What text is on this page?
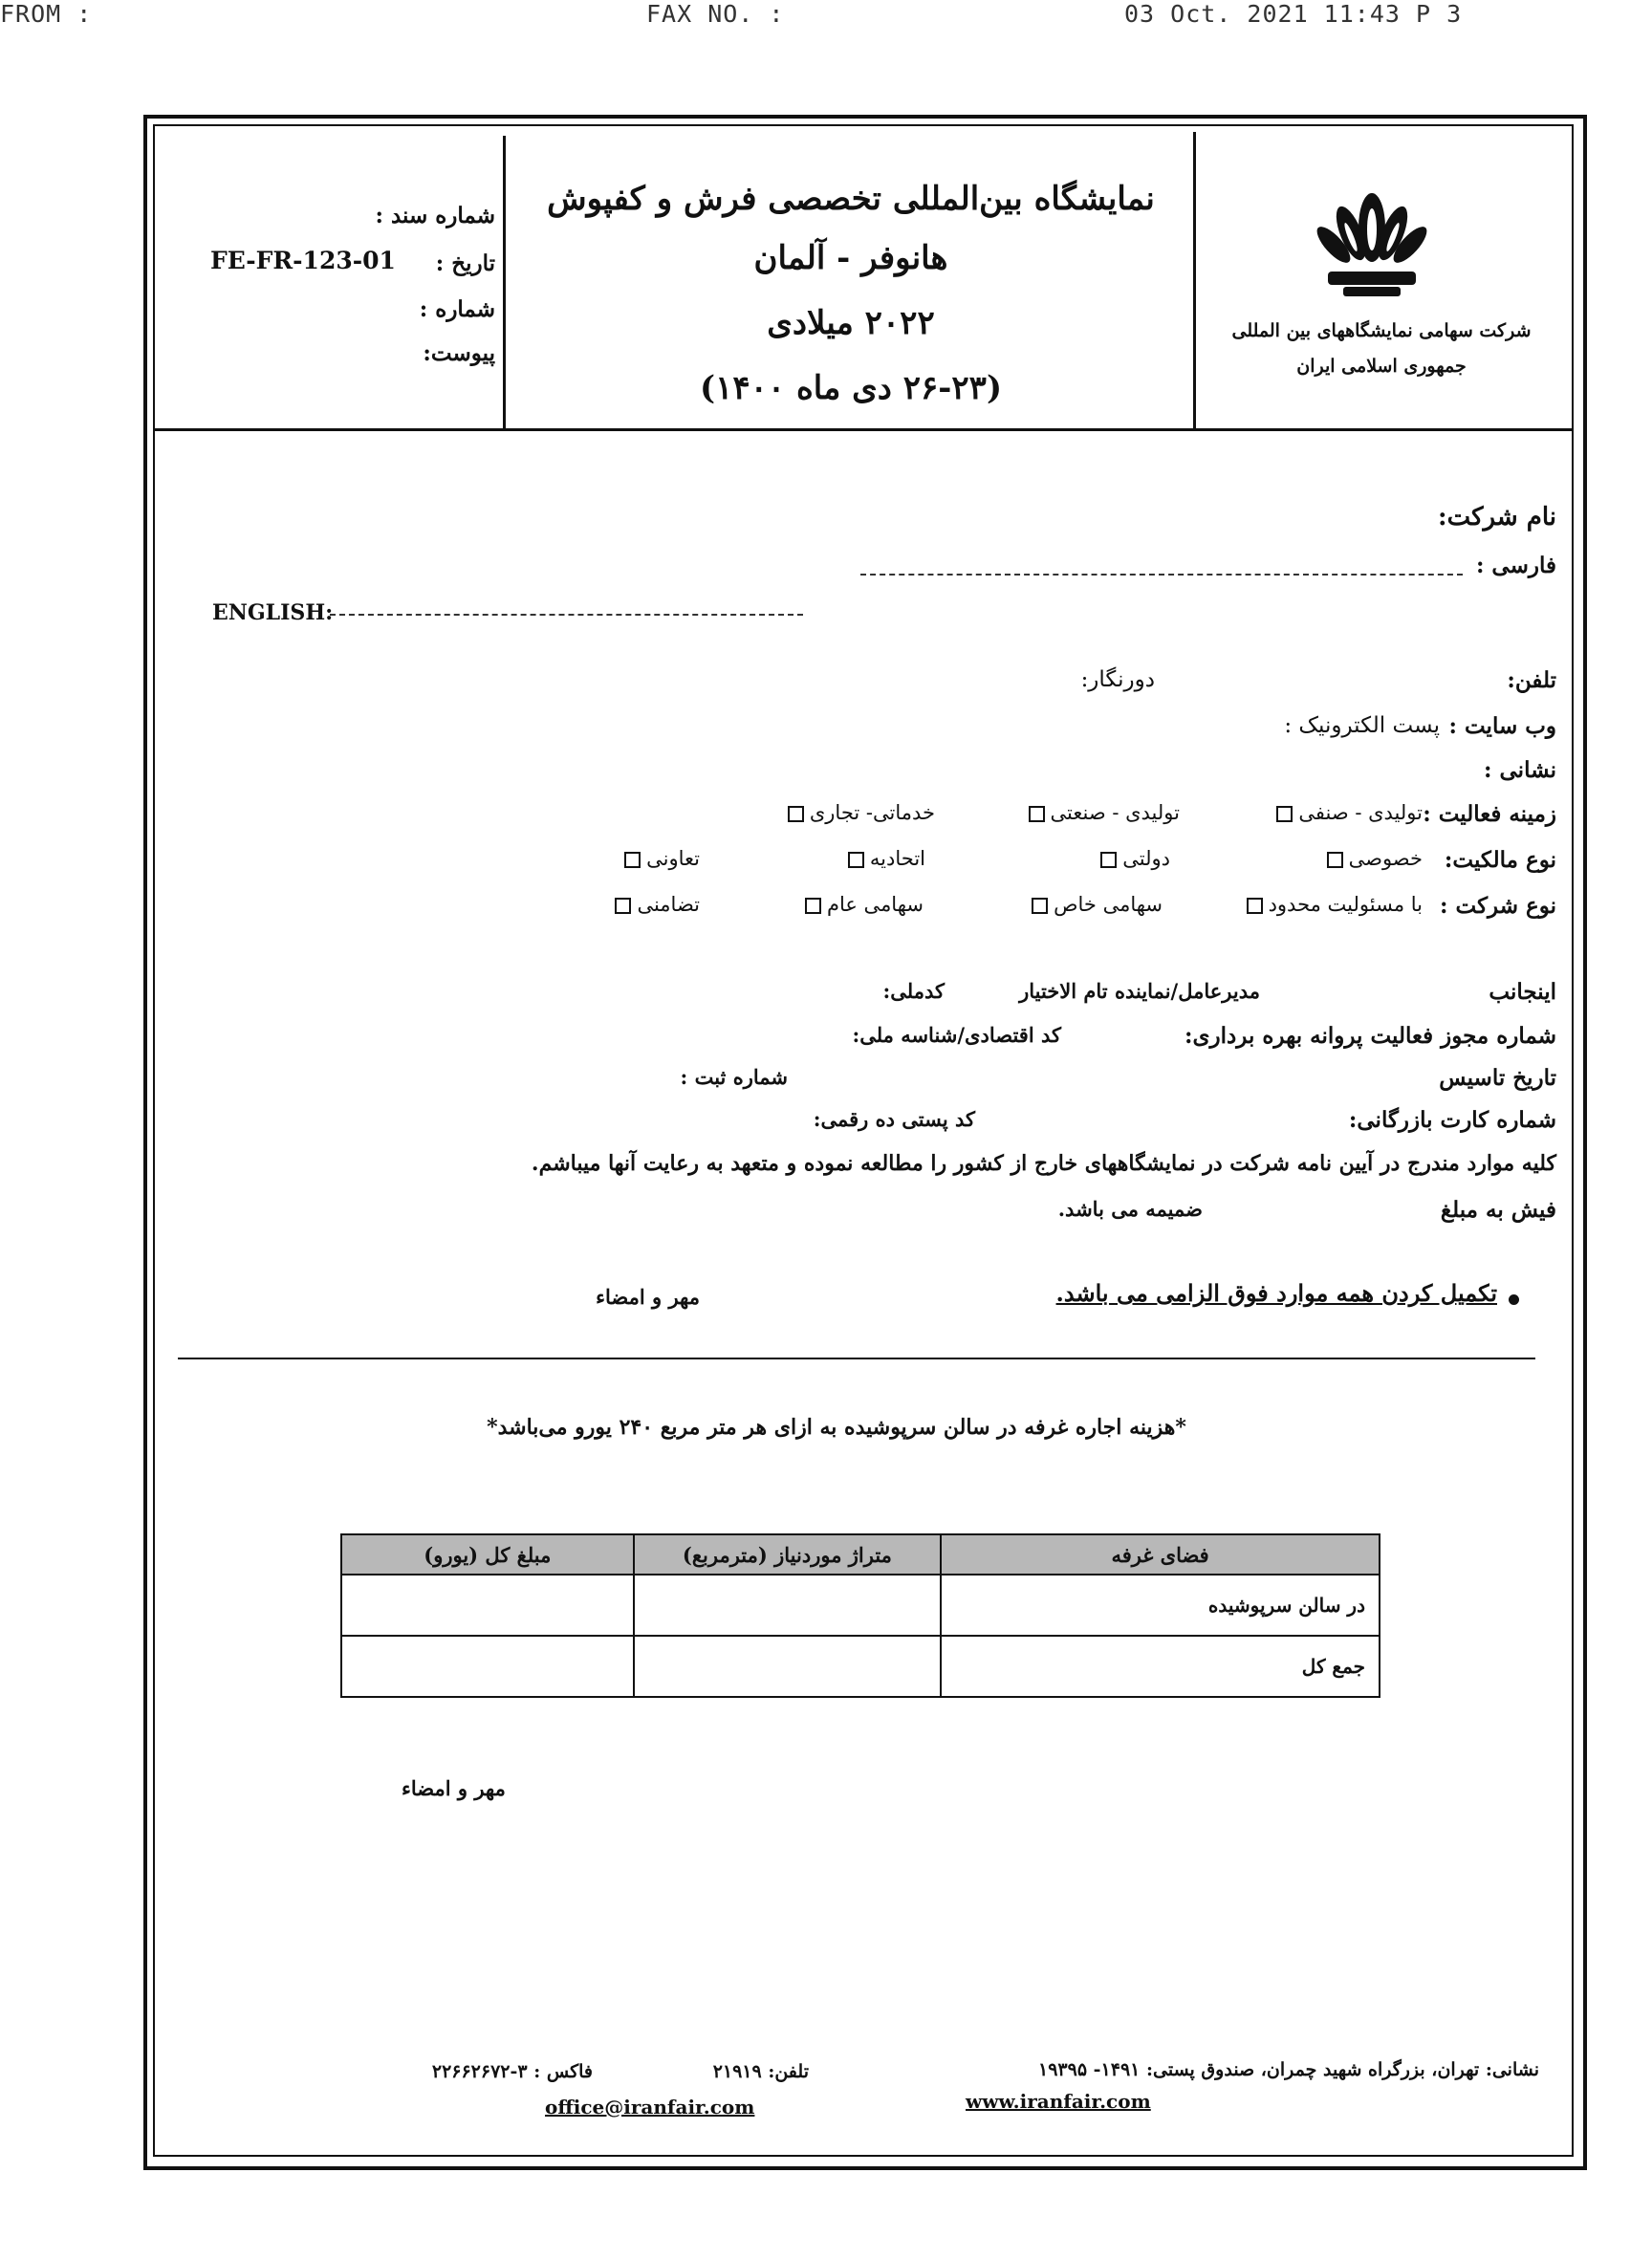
FROM :	FAX NO. :	03 Oct. 2021 11:43 P 3
شرکت سهامی نمایشگاههای بین المللی
جمهوری اسلامی ایران
نمایشگاه بین‌المللی تخصصی فرش و کفپوش
هانوفر - آلمان
۲۰۲۲ میلادی
(۲۶-۲۳ دی ماه ۱۴۰۰)
شماره سند :
تاریخ :
FE-FR-123-01
شماره :
پیوست:
نام شرکت:
فارسی :
ENGLISH:
تلفن:
دورنگار:
وب سایت :
پست الکترونیک :
نشانی :
زمینه فعالیت :
تولیدی - صنفی
تولیدی - صنعتی
خدماتی- تجاری
نوع مالکیت:
خصوصی
دولتی
اتحادیه
تعاونی
نوع شرکت :
با مسئولیت محدود
سهامی خاص
سهامی عام
تضامنی
اینجانب
مدیرعامل/نماینده تام الاختیار
کدملی:
شماره مجوز فعالیت پروانه بهره برداری:
کد اقتصادی/شناسه ملی:
تاریخ تاسیس
شماره ثبت :
شماره کارت بازرگانی:
کد پستی ده رقمی:
کلیه موارد مندرج در آیین نامه شرکت در نمایشگاههای خارج از کشور را مطالعه نموده و متعهد به رعایت آنها میباشم.
فیش به مبلغ
ضمیمه می باشد.
تکمیل کردن همه موارد فوق الزامی می باشد.
مهر و امضاء
*هزینه اجاره غرفه در سالن سرپوشیده به ازای هر متر مربع ۲۴۰ یورو می‌باشد*
فضای غرفه	متراژ موردنیاز (مترمربع)	مبلغ کل (یورو)
در سالن سرپوشیده		
جمع کل		
مهر و امضاء
نشانی: تهران، بزرگراه شهید چمران، صندوق پستی: ۱۴۹۱- ۱۹۳۹۵
تلفن: ۲۱۹۱۹
فاکس : ۳-۲۲۶۶۲۶۷۲
www.iranfair.com
office@iranfair.com
